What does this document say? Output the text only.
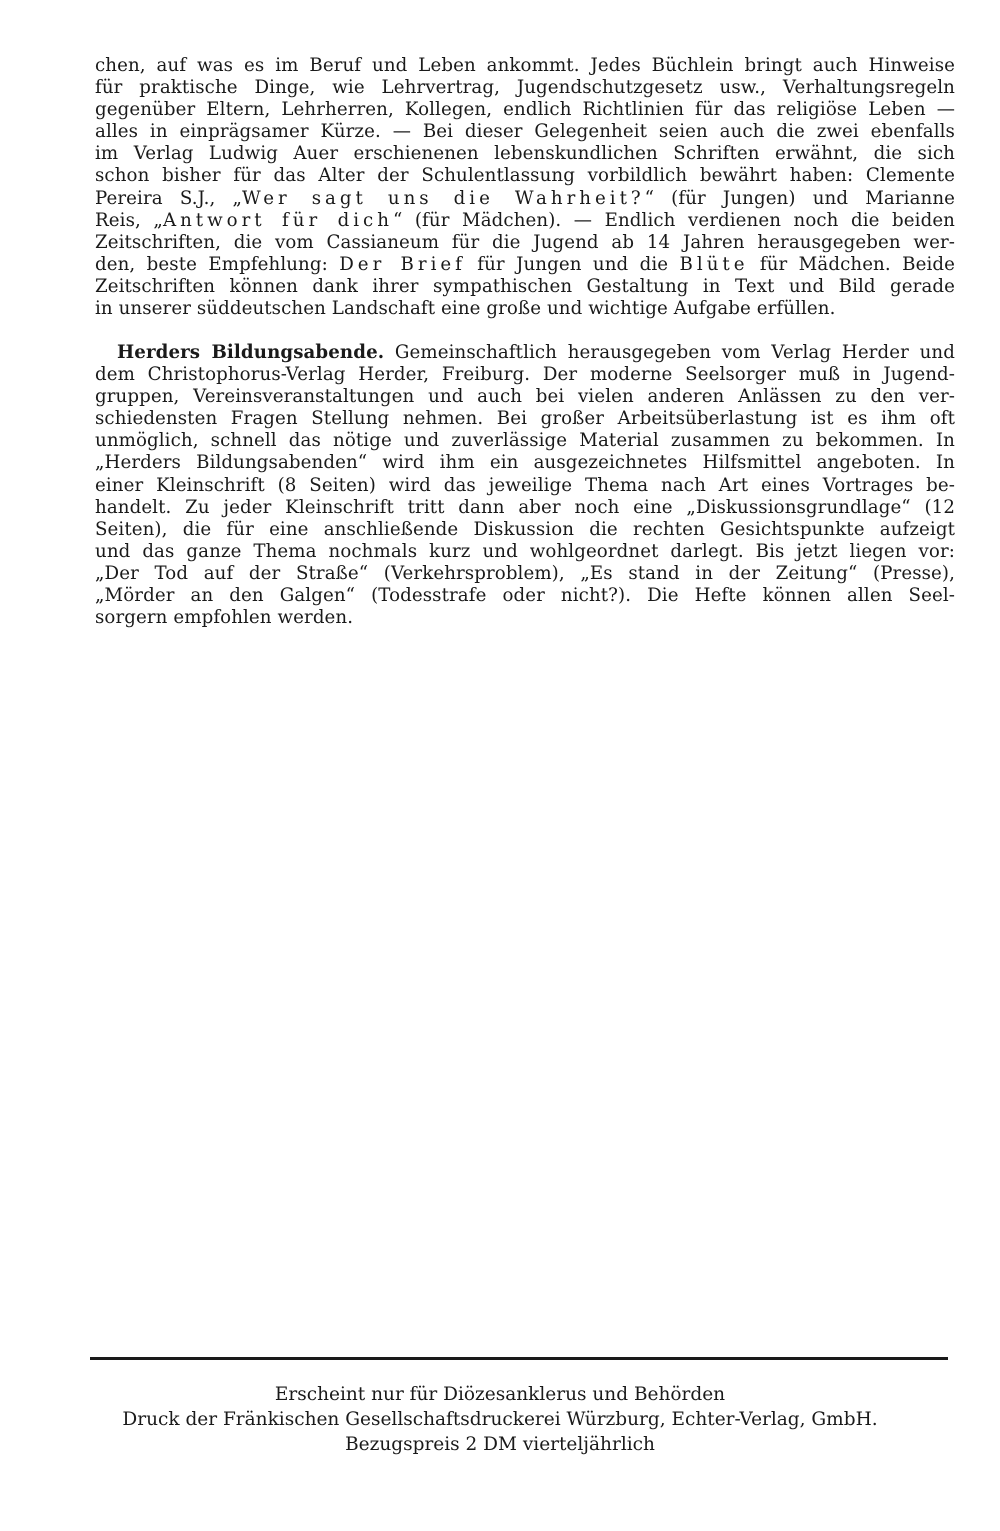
chen, auf was es im Beruf und Leben ankommt. Jedes Büchlein bringt auch Hinweise
für praktische Dinge, wie Lehrvertrag, Jugendschutzgesetz usw., Verhaltungsregeln
gegenüber Eltern, Lehrherren, Kollegen, endlich Richtlinien für das religiöse Leben —
alles in einprägsamer Kürze. — Bei dieser Gelegenheit seien auch die zwei ebenfalls
im Verlag Ludwig Auer erschienenen lebenskundlichen Schriften erwähnt, die sich
schon bisher für das Alter der Schulentlassung vorbildlich bewährt haben: Clemente
Pereira S.J., „Wer sagt uns die Wahrheit?“ (für Jungen) und Marianne
Reis, „Antwort für dich“ (für Mädchen). — Endlich verdienen noch die beiden
Zeitschriften, die vom Cassianeum für die Jugend ab 14 Jahren herausgegeben wer-
den, beste Empfehlung: Der Brief für Jungen und die Blüte für Mädchen. Beide
Zeitschriften können dank ihrer sympathischen Gestaltung in Text und Bild gerade
in unserer süddeutschen Landschaft eine große und wichtige Aufgabe erfüllen.

Herders Bildungsabende. Gemeinschaftlich herausgegeben vom Verlag Herder und
dem Christophorus-Verlag Herder, Freiburg. Der moderne Seelsorger muß in Jugend-
gruppen, Vereinsveranstaltungen und auch bei vielen anderen Anlässen zu den ver-
schiedensten Fragen Stellung nehmen. Bei großer Arbeitsüberlastung ist es ihm oft
unmöglich, schnell das nötige und zuverlässige Material zusammen zu bekommen. In
„Herders Bildungsabenden“ wird ihm ein ausgezeichnetes Hilfsmittel angeboten. In
einer Kleinschrift (8 Seiten) wird das jeweilige Thema nach Art eines Vortrages be-
handelt. Zu jeder Kleinschrift tritt dann aber noch eine „Diskussionsgrundlage“ (12
Seiten), die für eine anschließende Diskussion die rechten Gesichtspunkte aufzeigt
und das ganze Thema nochmals kurz und wohlgeordnet darlegt. Bis jetzt liegen vor:
„Der Tod auf der Straße“ (Verkehrsproblem), „Es stand in der Zeitung“ (Presse),
„Mörder an den Galgen“ (Todesstrafe oder nicht?). Die Hefte können allen Seel-
sorgern empfohlen werden.

Erscheint nur für Diözesanklerus und Behörden
Druck der Fränkischen Gesellschaftsdruckerei Würzburg, Echter-Verlag, GmbH.
Bezugspreis 2 DM vierteljährlich
